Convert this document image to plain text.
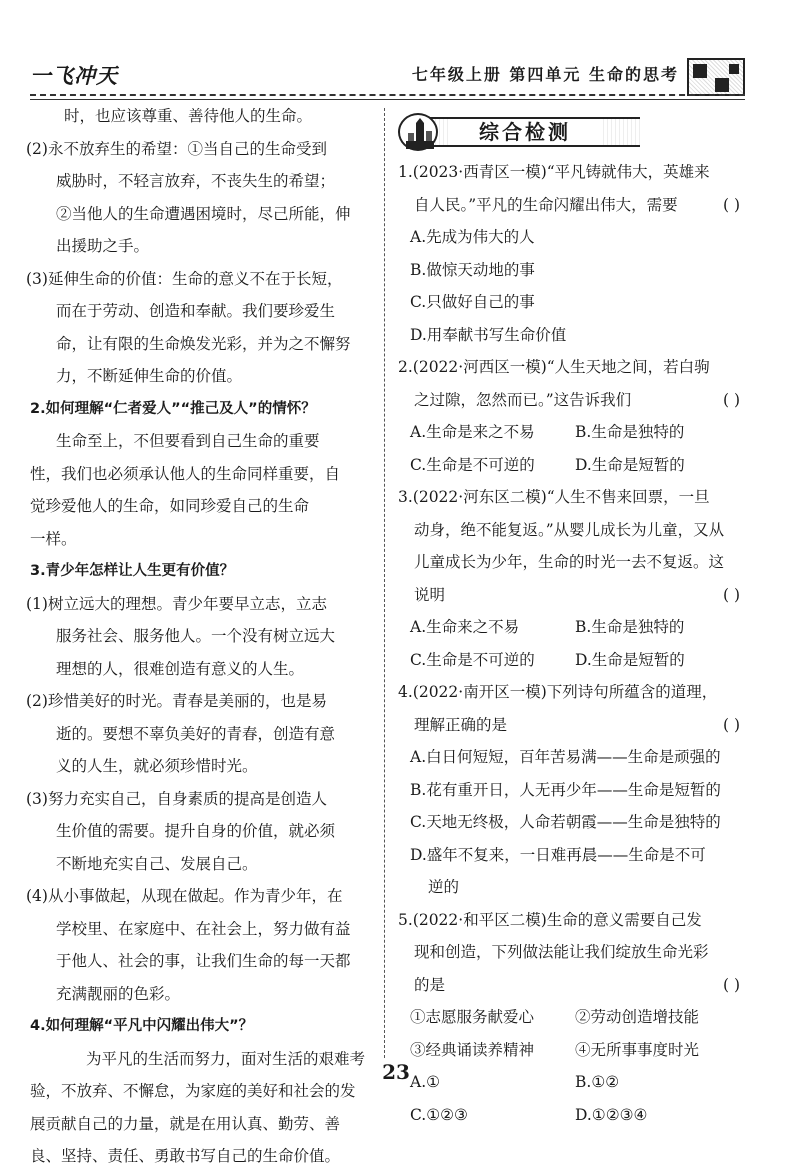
一飞冲天	七年级上册 第四单元 生命的思考
时，也应该尊重、善待他人的生命。
(2)永不放弃生的希望：①当自己的生命受到
威胁时，不轻言放弃，不丧失生的希望；
②当他人的生命遭遇困境时，尽己所能，伸
出援助之手。
(3)延伸生命的价值：生命的意义不在于长短，
而在于劳动、创造和奉献。我们要珍爱生
命，让有限的生命焕发光彩，并为之不懈努
力，不断延伸生命的价值。
2.如何理解“仁者爱人”“推己及人”的情怀？
生命至上，不但要看到自己生命的重要
性，我们也必须承认他人的生命同样重要，自
觉珍爱他人的生命，如同珍爱自己的生命
一样。
3.青少年怎样让人生更有价值？
(1)树立远大的理想。青少年要早立志，立志
服务社会、服务他人。一个没有树立远大
理想的人，很难创造有意义的人生。
(2)珍惜美好的时光。青春是美丽的，也是易
逝的。要想不辜负美好的青春，创造有意
义的人生，就必须珍惜时光。
(3)努力充实自己，自身素质的提高是创造人
生价值的需要。提升自身的价值，就必须
不断地充实自己、发展自己。
(4)从小事做起，从现在做起。作为青少年，在
学校里、在家庭中、在社会上，努力做有益
于他人、社会的事，让我们生命的每一天都
充满靓丽的色彩。
4.如何理解“平凡中闪耀出伟大”？
为平凡的生活而努力，面对生活的艰难考
验，不放弃、不懈怠，为家庭的美好和社会的发
展贡献自己的力量，就是在用认真、勤劳、善
良、坚持、责任、勇敢书写自己的生命价值。
综合检测
1.(2023·西青区一模)“平凡铸就伟大，英雄来
自人民。”平凡的生命闪耀出伟大，需要	( )
A.先成为伟大的人
B.做惊天动地的事
C.只做好自己的事
D.用奉献书写生命价值
2.(2022·河西区一模)“人生天地之间，若白驹
之过隙，忽然而已。”这告诉我们	( )
A.生命是来之不易	B.生命是独特的
C.生命是不可逆的	D.生命是短暂的
3.(2022·河东区二模)“人生不售来回票，一旦
动身，绝不能复返。”从婴儿成长为儿童，又从
儿童成长为少年，生命的时光一去不复返。这
说明	( )
A.生命来之不易	B.生命是独特的
C.生命是不可逆的	D.生命是短暂的
4.(2022·南开区一模)下列诗句所蕴含的道理，
理解正确的是	( )
A.白日何短短，百年苦易满——生命是顽强的
B.花有重开日，人无再少年——生命是短暂的
C.天地无终极，人命若朝霞——生命是独特的
D.盛年不复来，一日难再晨——生命是不可
逆的
5.(2022·和平区二模)生命的意义需要自己发
现和创造，下列做法能让我们绽放生命光彩
的是	( )
①志愿服务献爱心	②劳动创造增技能
③经典诵读养精神	④无所事事度时光
A.①	B.①②
C.①②③	D.①②③④
23
